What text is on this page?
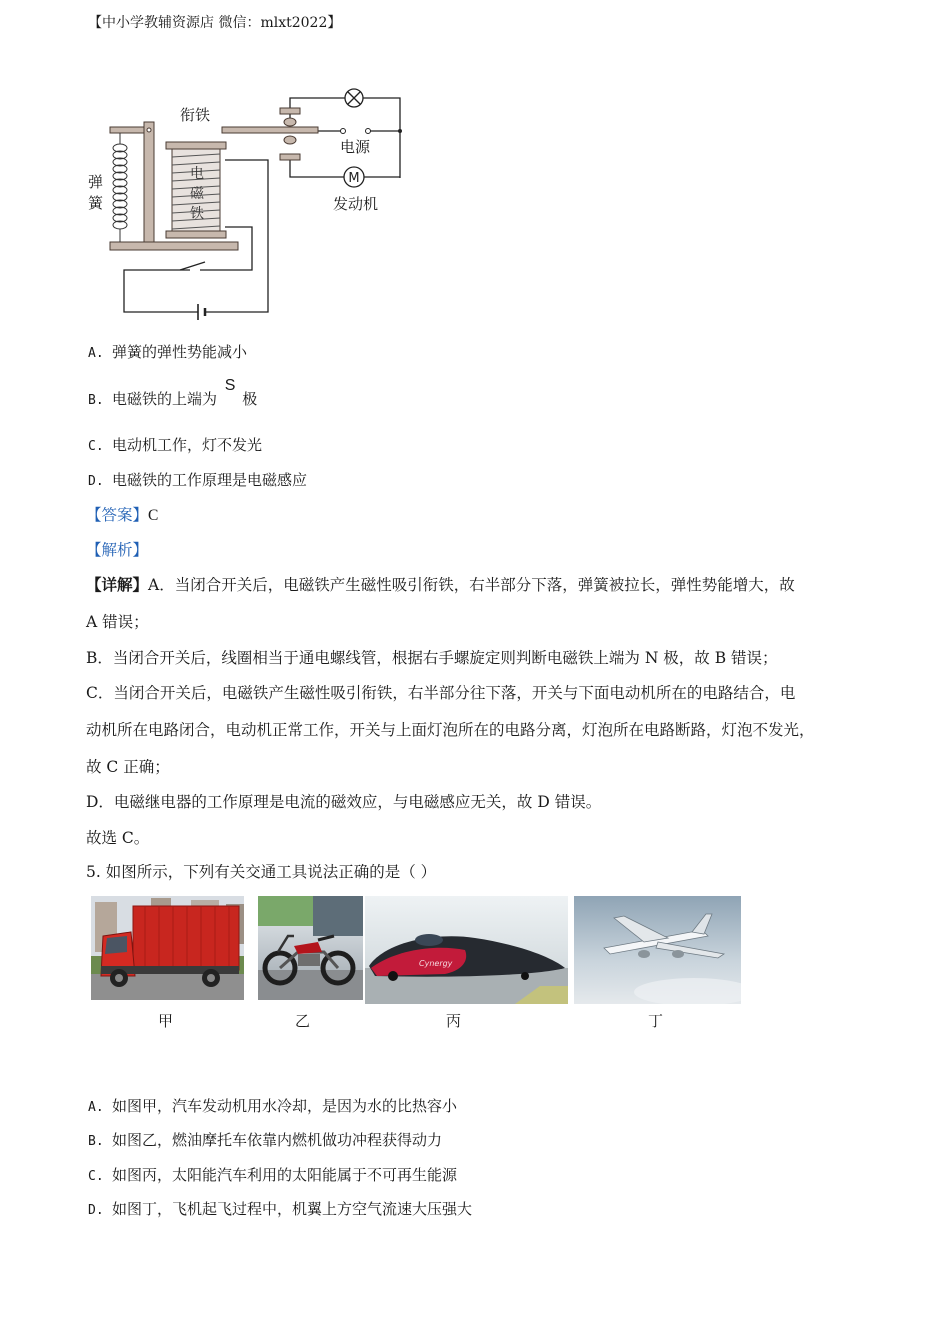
【中小学教辅资源店 微信：mlxt2022】
M
衔铁
弹簧
电磁铁
电源
发动机
A. 弹簧的弹性势能减小
B. 电磁铁的上端为 S 极
C. 电动机工作，灯不发光
D. 电磁铁的工作原理是电磁感应
【答案】C
【解析】
【详解】A．当闭合开关后，电磁铁产生磁性吸引衔铁，右半部分下落，弹簧被拉长，弹性势能增大，故
A 错误；
B．当闭合开关后，线圈相当于通电螺线管，根据右手螺旋定则判断电磁铁上端为 N 极，故 B 错误；
C．当闭合开关后，电磁铁产生磁性吸引衔铁，右半部分往下落，开关与下面电动机所在的电路结合，电
动机所在电路闭合，电动机正常工作，开关与上面灯泡所在的电路分离，灯泡所在电路断路，灯泡不发光，
故 C 正确；
D．电磁继电器的工作原理是电流的磁效应，与电磁感应无关，故 D 错误。
故选 C。
5. 如图所示，下列有关交通工具说法正确的是（ ）
Cynergy
甲	乙	丙	丁
A. 如图甲，汽车发动机用水冷却，是因为水的比热容小
B. 如图乙，燃油摩托车依靠内燃机做功冲程获得动力
C. 如图丙，太阳能汽车利用的太阳能属于不可再生能源
D. 如图丁，飞机起飞过程中，机翼上方空气流速大压强大
